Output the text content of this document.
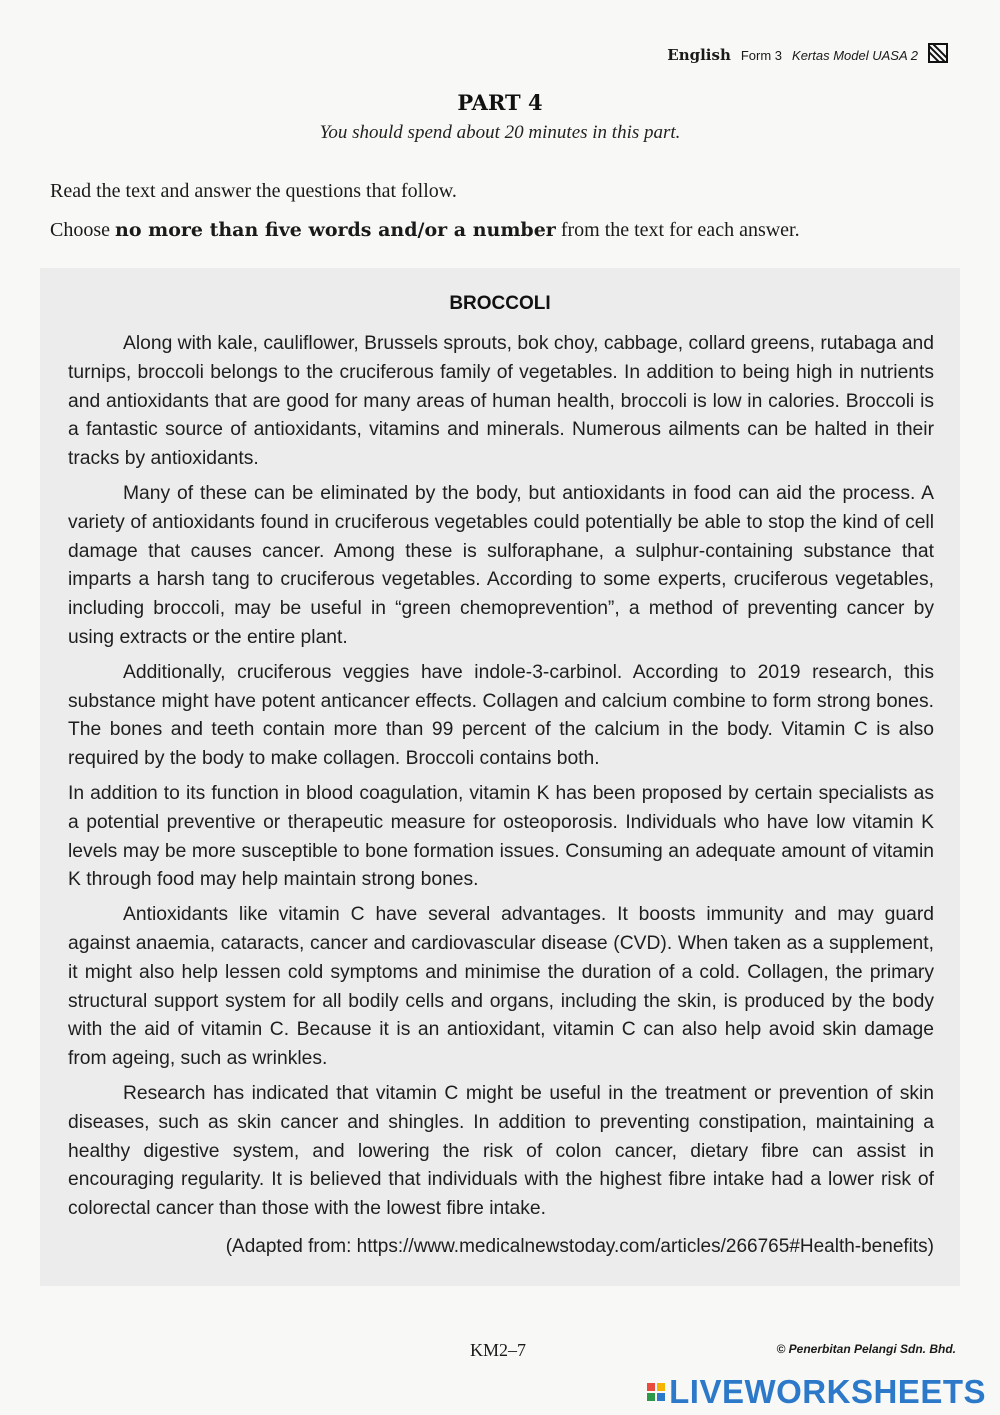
English Form 3 Kertas Model UASA 2
PART 4
You should spend about 20 minutes in this part.
Read the text and answer the questions that follow.
Choose no more than five words and/or a number from the text for each answer.
BROCCOLI

Along with kale, cauliflower, Brussels sprouts, bok choy, cabbage, collard greens, rutabaga and turnips, broccoli belongs to the cruciferous family of vegetables. In addition to being high in nutrients and antioxidants that are good for many areas of human health, broccoli is low in calories. Broccoli is a fantastic source of antioxidants, vitamins and minerals. Numerous ailments can be halted in their tracks by antioxidants.

Many of these can be eliminated by the body, but antioxidants in food can aid the process. A variety of antioxidants found in cruciferous vegetables could potentially be able to stop the kind of cell damage that causes cancer. Among these is sulforaphane, a sulphur-containing substance that imparts a harsh tang to cruciferous vegetables. According to some experts, cruciferous vegetables, including broccoli, may be useful in “green chemoprevention”, a method of preventing cancer by using extracts or the entire plant.

Additionally, cruciferous veggies have indole-3-carbinol. According to 2019 research, this substance might have potent anticancer effects. Collagen and calcium combine to form strong bones. The bones and teeth contain more than 99 percent of the calcium in the body. Vitamin C is also required by the body to make collagen. Broccoli contains both.

In addition to its function in blood coagulation, vitamin K has been proposed by certain specialists as a potential preventive or therapeutic measure for osteoporosis. Individuals who have low vitamin K levels may be more susceptible to bone formation issues. Consuming an adequate amount of vitamin K through food may help maintain strong bones.

Antioxidants like vitamin C have several advantages. It boosts immunity and may guard against anaemia, cataracts, cancer and cardiovascular disease (CVD). When taken as a supplement, it might also help lessen cold symptoms and minimise the duration of a cold. Collagen, the primary structural support system for all bodily cells and organs, including the skin, is produced by the body with the aid of vitamin C. Because it is an antioxidant, vitamin C can also help avoid skin damage from ageing, such as wrinkles.

Research has indicated that vitamin C might be useful in the treatment or prevention of skin diseases, such as skin cancer and shingles. In addition to preventing constipation, maintaining a healthy digestive system, and lowering the risk of colon cancer, dietary fibre can assist in encouraging regularity. It is believed that individuals with the highest fibre intake had a lower risk of colorectal cancer than those with the lowest fibre intake.

(Adapted from: https://www.medicalnewstoday.com/articles/266765#Health-benefits)
KM2–7	© Penerbitan Pelangi Sdn. Bhd.
LIVEWORKSHEETS
